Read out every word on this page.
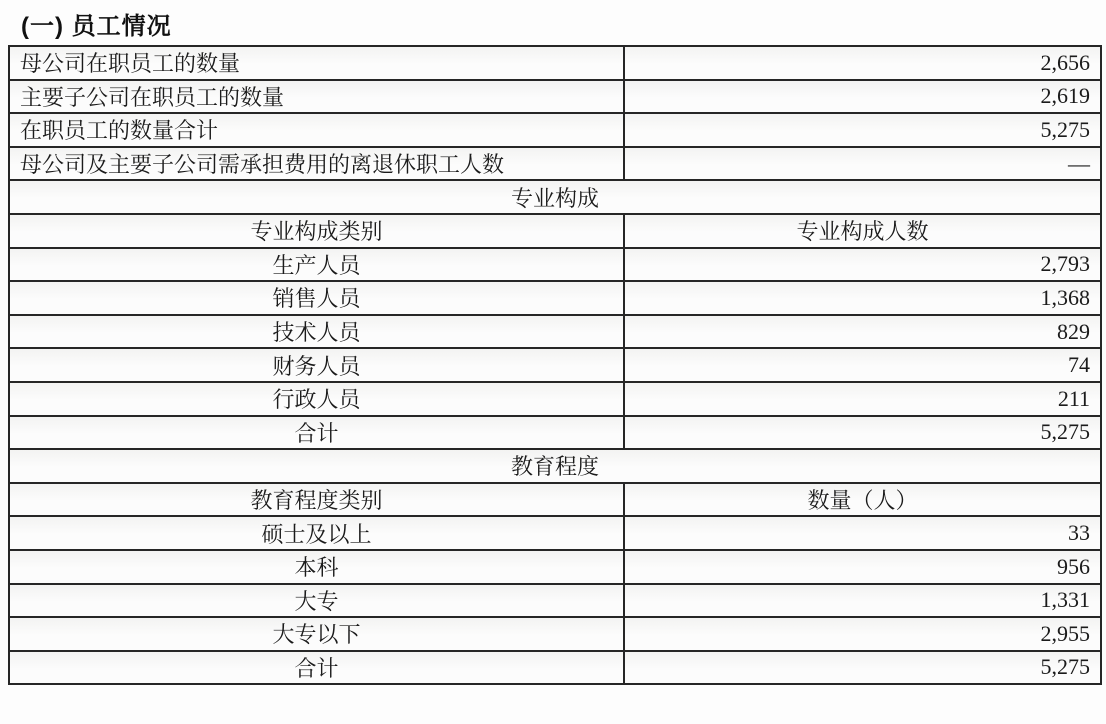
(一) 员工情况
母公司在职员工的数量	2,656
主要子公司在职员工的数量	2,619
在职员工的数量合计	5,275
母公司及主要子公司需承担费用的离退休职工人数	—
专业构成	
专业构成类别	专业构成人数
生产人员	2,793
销售人员	1,368
技术人员	829
财务人员	74
行政人员	211
合计	5,275
教育程度	
教育程度类别	数量（人）
硕士及以上	33
本科	956
大专	1,331
大专以下	2,955
合计	5,275
